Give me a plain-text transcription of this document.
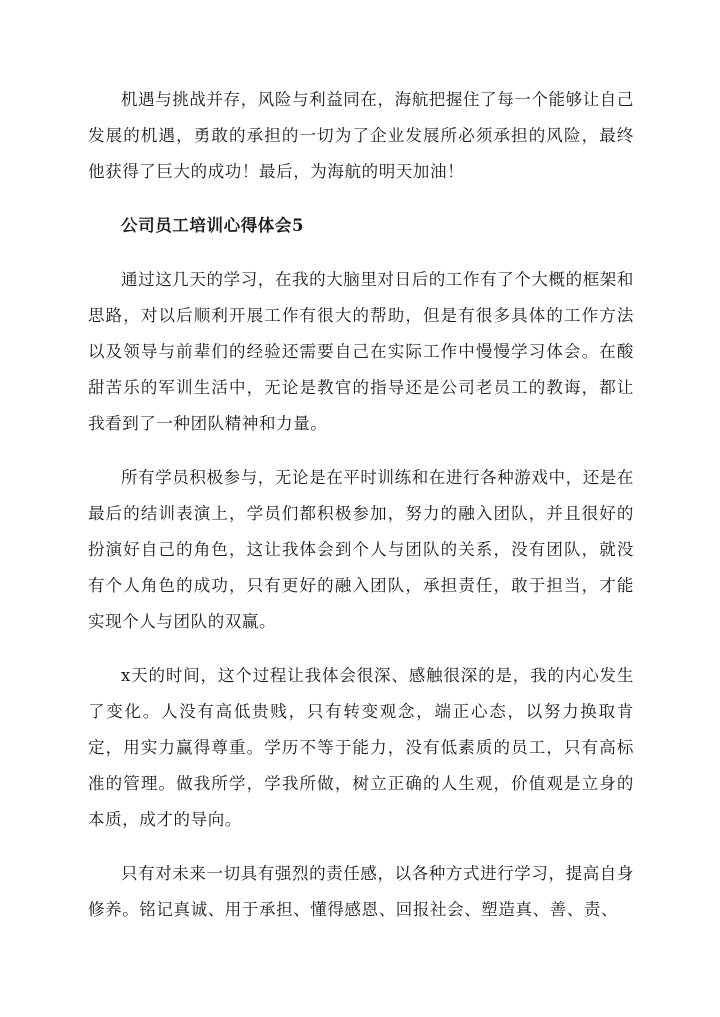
机遇与挑战并存，风险与利益同在，海航把握住了每一个能够让自己发展的机遇，勇敢的承担的一切为了企业发展所必须承担的风险，最终他获得了巨大的成功！最后，为海航的明天加油！

公司员工培训心得体会5

通过这几天的学习，在我的大脑里对日后的工作有了个大概的框架和思路，对以后顺利开展工作有很大的帮助，但是有很多具体的工作方法以及领导与前辈们的经验还需要自己在实际工作中慢慢学习体会。在酸甜苦乐的军训生活中，无论是教官的指导还是公司老员工的教诲，都让我看到了一种团队精神和力量。

所有学员积极参与，无论是在平时训练和在进行各种游戏中，还是在最后的结训表演上，学员们都积极参加，努力的融入团队，并且很好的扮演好自己的角色，这让我体会到个人与团队的关系，没有团队，就没有个人角色的成功，只有更好的融入团队，承担责任，敢于担当，才能实现个人与团队的双赢。

x天的时间，这个过程让我体会很深、感触很深的是，我的内心发生了变化。人没有高低贵贱，只有转变观念，端正心态，以努力换取肯定，用实力赢得尊重。学历不等于能力，没有低素质的员工，只有高标准的管理。做我所学，学我所做，树立正确的人生观，价值观是立身的本质，成才的导向。

只有对未来一切具有强烈的责任感，以各种方式进行学习，提高自身修养。铭记真诚、用于承担、懂得感恩、回报社会、塑造真、善、责、
